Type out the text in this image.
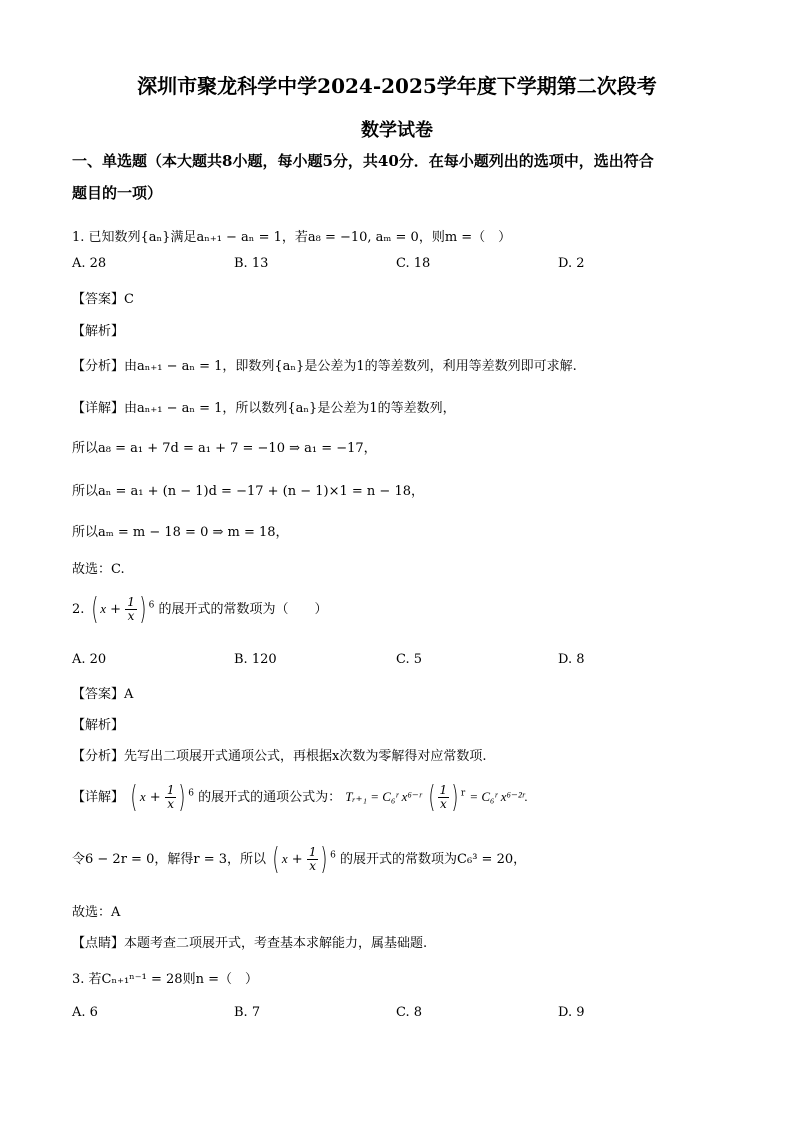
深圳市聚龙科学中学2024-2025学年度下学期第二次段考
数学试卷
一、单选题（本大题共8小题，每小题5分，共40分．在每小题列出的选项中，选出符合
题目的一项）
1. 已知数列{aₙ}满足aₙ₊₁ − aₙ = 1，若a₈ = −10, aₘ = 0，则m =（　）
A. 28	B. 13	C. 18	D. 2
【答案】C
【解析】
【分析】由aₙ₊₁ − aₙ = 1，即数列{aₙ}是公差为1的等差数列，利用等差数列即可求解.
【详解】由aₙ₊₁ − aₙ = 1，所以数列{aₙ}是公差为1的等差数列，
所以a₈ = a₁ + 7d = a₁ + 7 = −10 ⇒ a₁ = −17，
所以aₙ = a₁ + (n − 1)d = −17 + (n − 1)×1 = n − 18，
所以aₘ = m − 18 = 0 ⇒ m = 18，
故选：C.
2. ( $x + \frac{1}{x}$ ) $^6$ 的展开式的常数项为（　　）
A. 20	B. 120	C. 5	D. 8
【答案】A
【解析】
【分析】先写出二项展开式通项公式，再根据x次数为零解得对应常数项.
【详解】 ( $x + \frac{1}{x}$ ) $^6$ 的展开式的通项公式为： Tᵣ₊₁ = C₆ʳ x⁶⁻ʳ ( $\frac{1}{x}$ ) $^r$ = C₆ʳ x⁶⁻²ʳ.
令6 − 2r = 0，解得r = 3，所以 ( $x + \frac{1}{x}$ ) $^6$ 的展开式的常数项为C₆³ = 20，
故选：A
【点睛】本题考查二项展开式，考查基本求解能力，属基础题.
3. 若Cₙ₊₁ⁿ⁻¹ = 28则n =（　）
A. 6	B. 7	C. 8	D. 9
